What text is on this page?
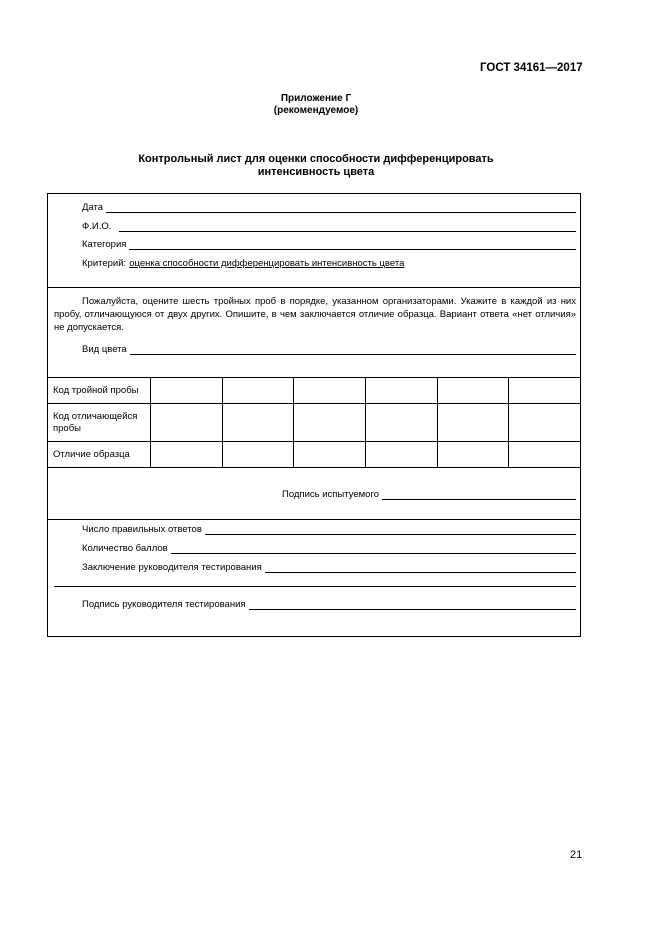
ГОСТ 34161—2017
Приложение Г
(рекомендуемое)
Контрольный лист для оценки способности дифференцировать
интенсивность цвета
Дата
Ф.И.О.
Категория
Критерий: оценка способности дифференцировать интенсивность цвета
Пожалуйста, оцените шесть тройных проб в порядке, указанном организаторами. Укажите в каждой из них пробу, отличающуюся от двух других. Опишите, в чем заключается отличие образца. Вариант ответа «нет отличия» не допускается.
Вид цвета
Код тройной пробы						
Код отличающейся пробы						
Отличие образца						
Подпись испытуемого
Число правильных ответов
Количество баллов
Заключение руководителя тестирования
Подпись руководителя тестирования
21
